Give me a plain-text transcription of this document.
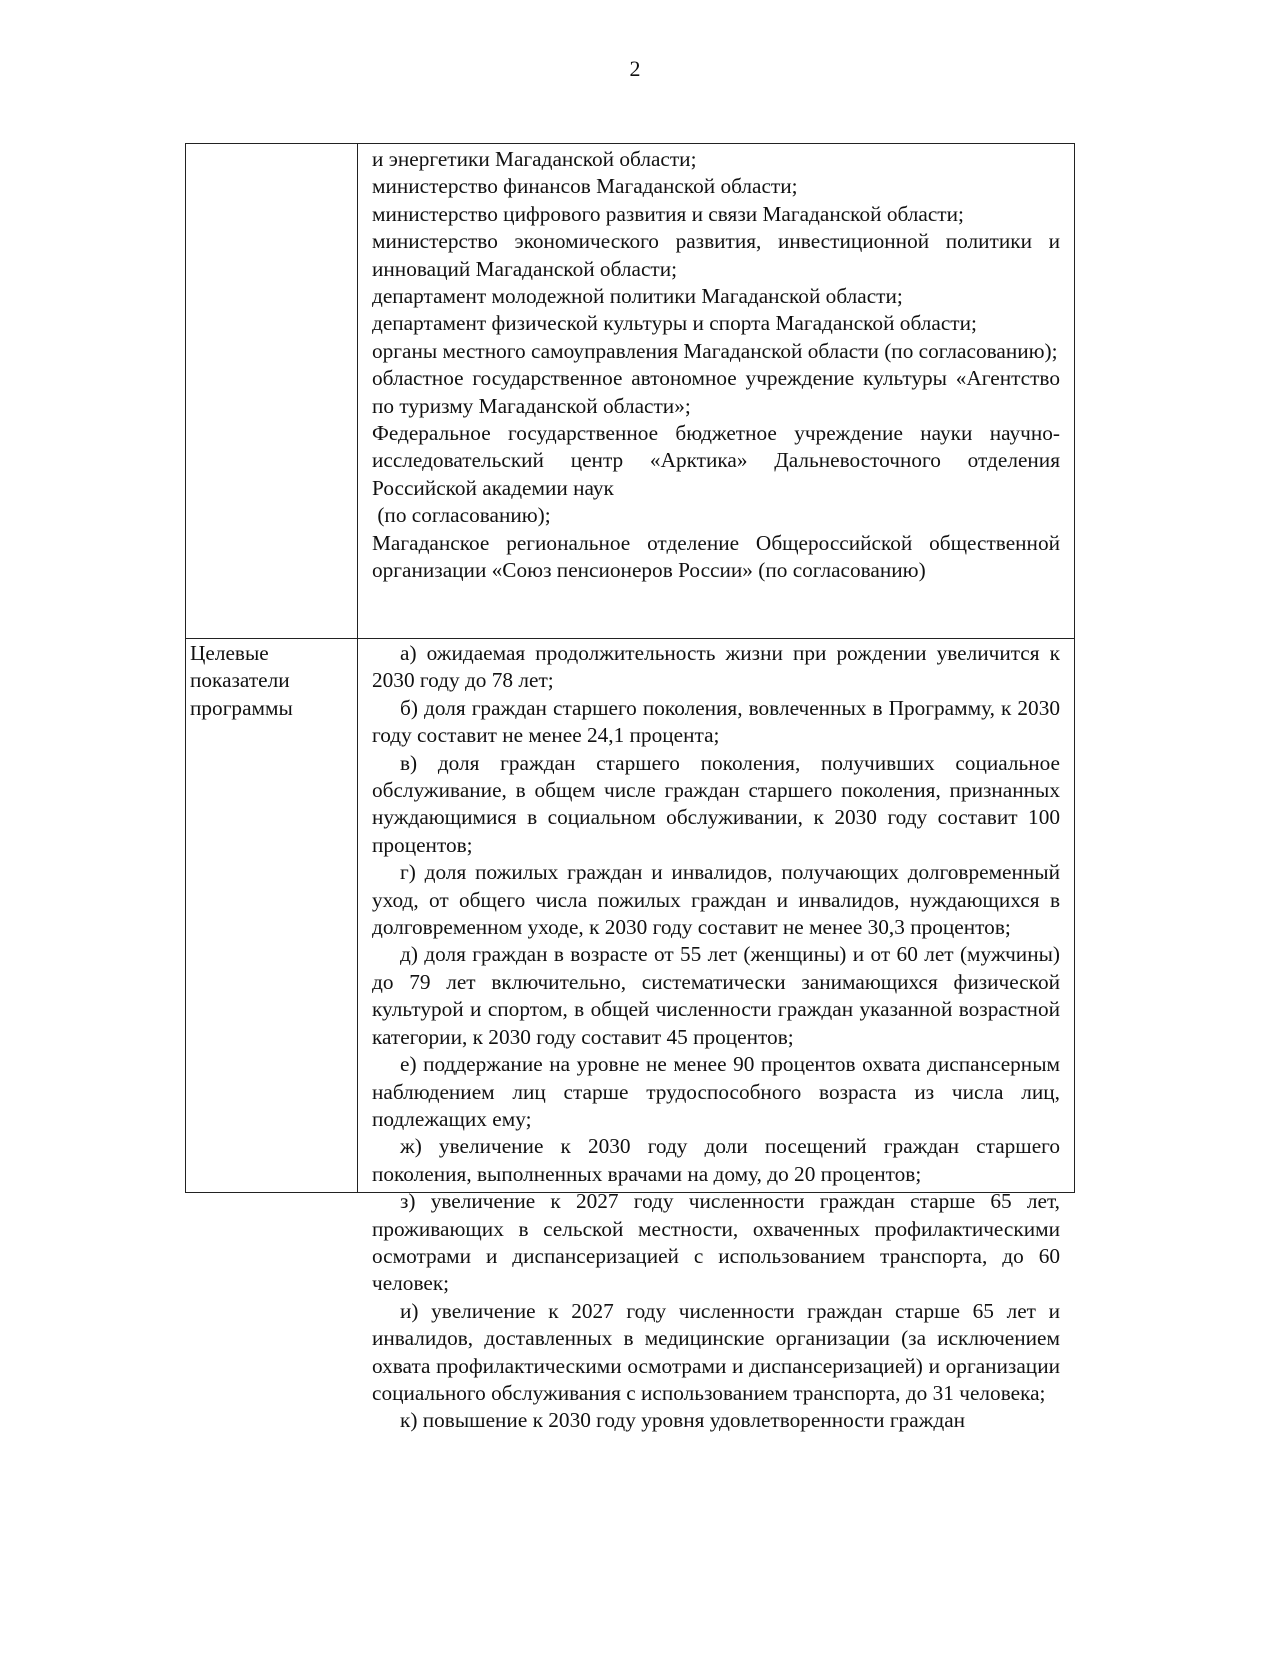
2

и энергетики Магаданской области;

министерство финансов Магаданской области;

министерство цифрового развития и связи Магаданской области;

министерство экономического развития, инвестиционной политики и инноваций Магаданской области;

департамент молодежной политики Магаданской области;

департамент физической культуры и спорта Магаданской области;

органы местного самоуправления Магаданской области (по согласованию);

областное государственное автономное учреждение культуры «Агентство по туризму Магаданской области»;

Федеральное государственное бюджетное учреждение науки научно-исследовательский центр «Арктика» Дальневосточного отделения Российской академии наук

(по согласованию);

Магаданское региональное отделение Общероссийской общественной организации «Союз пенсионеров России» (по согласованию)

Целевые
показатели
программы

а) ожидаемая продолжительность жизни при рождении увеличится к 2030 году до 78 лет;

б) доля граждан старшего поколения, вовлеченных в Программу, к 2030 году составит не менее 24,1 процента;

в) доля граждан старшего поколения, получивших социальное обслуживание, в общем числе граждан старшего поколения, признанных нуждающимися в социальном обслуживании, к 2030 году составит 100 процентов;

г) доля пожилых граждан и инвалидов, получающих долговременный уход, от общего числа пожилых граждан и инвалидов, нуждающихся в долговременном уходе, к 2030 году составит не менее 30,3 процентов;

д) доля граждан в возрасте от 55 лет (женщины) и от 60 лет (мужчины) до 79 лет включительно, систематически занимающихся физической культурой и спортом, в общей численности граждан указанной возрастной категории, к 2030 году составит 45 процентов;

е) поддержание на уровне не менее 90 процентов охвата диспансерным наблюдением лиц старше трудоспособного возраста из числа лиц, подлежащих ему;

ж) увеличение к 2030 году доли посещений граждан старшего поколения, выполненных врачами на дому, до 20 процентов;

з) увеличение к 2027 году численности граждан старше 65 лет, проживающих в сельской местности, охваченных профилактическими осмотрами и диспансеризацией с использованием транспорта, до 60 человек;

и) увеличение к 2027 году численности граждан старше 65 лет и инвалидов, доставленных в медицинские организации (за исключением охвата профилактическими осмотрами и диспансеризацией) и организации социального обслуживания с использованием транспорта, до 31 человека;

к) повышение к 2030 году уровня удовлетворенности граждан
